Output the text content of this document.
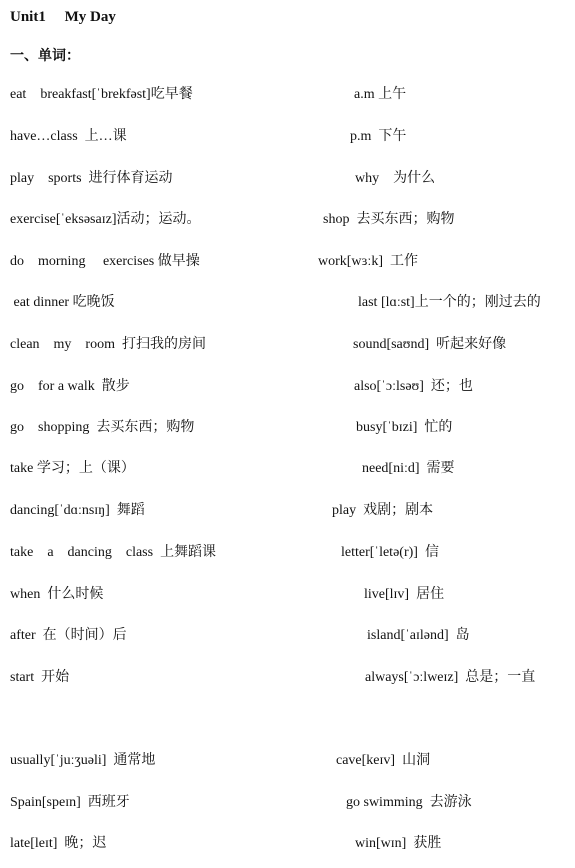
Unit1     My Day
一、单词：
eat    breakfast[ˈbrekfəst]吃早餐	a.m 上午
have…class  上…课	p.m  下午
play    sports  进行体育运动	why    为什么
exercise[ˈeksəsaɪz]活动；运动。	shop  去买东西；购物
do    morning     exercises 做早操	work[wɜːk]  工作
eat dinner 吃晚饭	last [lɑːst]上一个的；刚过去的
clean    my    room  打扫我的房间	sound[saʊnd]  听起来好像
go    for a walk  散步	also[ˈɔːlsəʊ]  还；也
go    shopping  去买东西；购物	busy[ˈbɪzi]  忙的
take 学习；上（课）	need[niːd]  需要
dancing[ˈdɑːnsɪŋ]  舞蹈	play  戏剧；剧本
take    a    dancing    class  上舞蹈课	letter[ˈletə(r)]  信
when  什么时候	live[lɪv]  居住
after  在（时间）后	island[ˈaɪlənd]  岛
start  开始	always[ˈɔːlweɪz]  总是；一直
usually[ˈjuːʒuəli]  通常地	cave[keɪv]  山洞
Spain[speɪn]  西班牙	go swimming  去游泳
late[leɪt]  晚；迟	win[wɪn]  获胜
